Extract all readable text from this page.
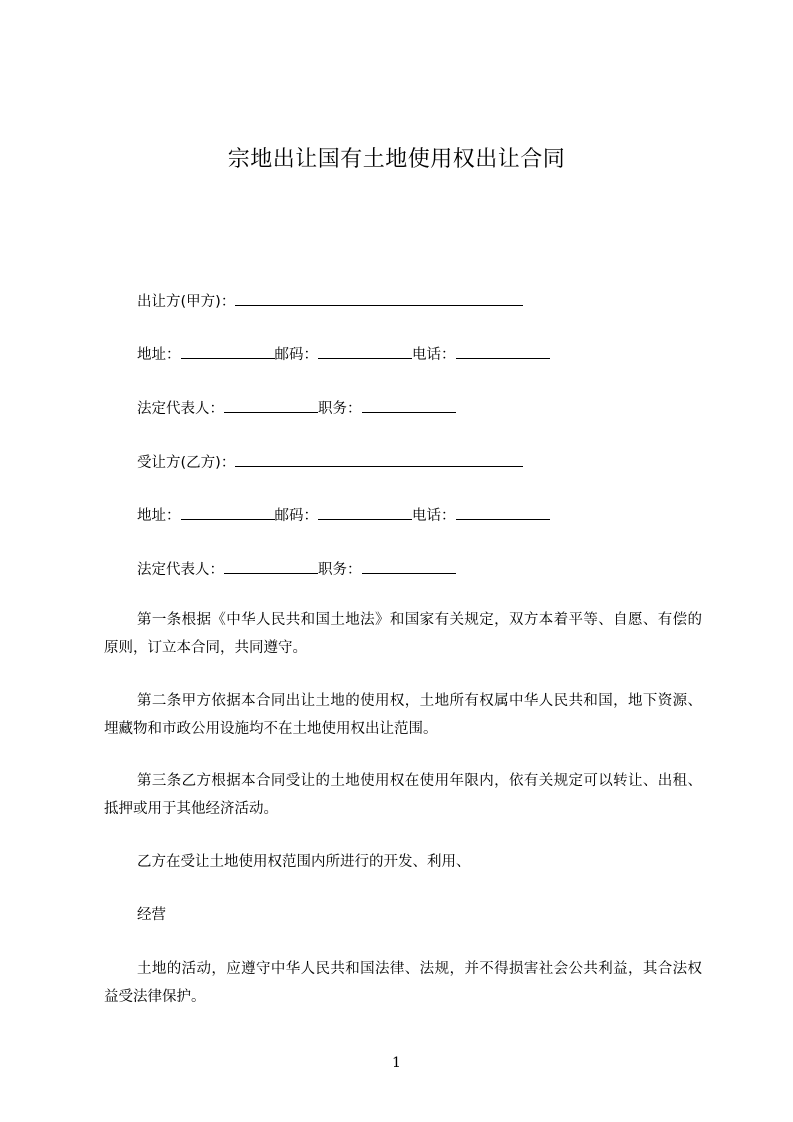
宗地出让国有土地使用权出让合同
出让方(甲方)：
地址：	邮码：	电话：
法定代表人：	职务：
受让方(乙方)：
地址：	邮码：	电话：
法定代表人：	职务：
第一条根据《中华人民共和国土地法》和国家有关规定，双方本着平等、自愿、有偿的原则，订立本合同，共同遵守。
第二条甲方依据本合同出让土地的使用权，土地所有权属中华人民共和国，地下资源、埋藏物和市政公用设施均不在土地使用权出让范围。
第三条乙方根据本合同受让的土地使用权在使用年限内，依有关规定可以转让、出租、抵押或用于其他经济活动。
乙方在受让土地使用权范围内所进行的开发、利用、
经营
土地的活动，应遵守中华人民共和国法律、法规，并不得损害社会公共利益，其合法权益受法律保护。
1
